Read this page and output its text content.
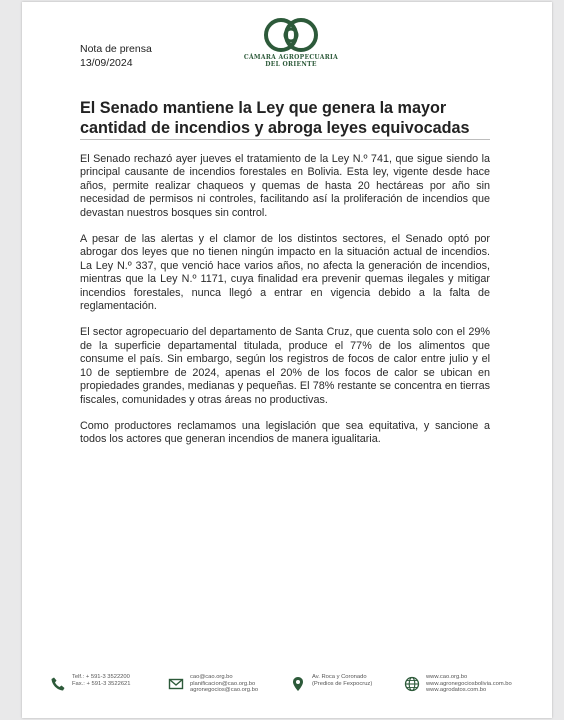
Nota de prensa
13/09/2024	CÁMARA AGROPECUARIA
DEL ORIENTE
El Senado mantiene la Ley que genera la mayor cantidad de incendios y abroga leyes equivocadas

El Senado rechazó ayer jueves el tratamiento de la Ley N.º 741, que sigue siendo la principal causante de incendios forestales en Bolivia. Esta ley, vigente desde hace años, permite realizar chaqueos y quemas de hasta 20 hectáreas por año sin necesidad de permisos ni controles, facilitando así la proliferación de incendios que devastan nuestros bosques sin control.

A pesar de las alertas y el clamor de los distintos sectores, el Senado optó por abrogar dos leyes que no tienen ningún impacto en la situación actual de incendios. La Ley N.º 337, que venció hace varios años, no afecta la generación de incendios, mientras que la Ley N.º 1171, cuya finalidad era prevenir quemas ilegales y mitigar incendios forestales, nunca llegó a entrar en vigencia debido a la falta de reglamentación.

El sector agropecuario del departamento de Santa Cruz, que cuenta solo con el 29% de la superficie departamental titulada, produce el 77% de los alimentos que consume el país. Sin embargo, según los registros de focos de calor entre julio y el 10 de septiembre de 2024, apenas el 20% de los focos de calor se ubican en propiedades grandes, medianas y pequeñas. El 78% restante se concentra en tierras fiscales, comunidades y otras áreas no productivas.

Como productores reclamamos una legislación que sea equitativa, y sancione a todos los actores que generan incendios de manera igualitaria.

Telf.: + 591-3 3522200
Fax.: + 591-3 3522621
cao@cao.org.bo
planificacion@cao.org.bo
agronegocios@cao.org.bo
Av. Roca y Coronado
(Predios de Fexpocruz)
www.cao.org.bo
www.agronegociosbolivia.com.bo
www.agrodatos.com.bo
